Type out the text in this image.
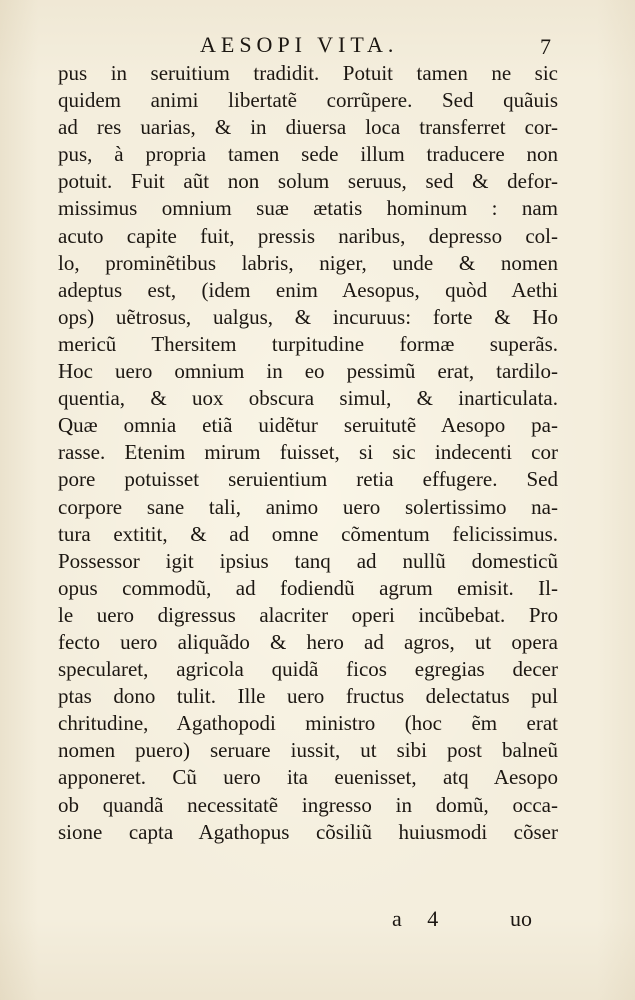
AESOPI VITA.	7
pus in seruitium tradidit. Potuit tamen ne sic
quidem animi libertatẽ corrũpere. Sed quãuis
ad res uarias, & in diuersa loca transferret cor-
pus, à propria tamen sede illum traducere non
potuit. Fuit aũt non solum seruus, sed & defor-
missimus omnium suæ ætatis hominum : nam
acuto capite fuit, pressis naribus, depresso col-
lo, prominẽtibus labris, niger, unde & nomen
adeptus est, (idem enim Aesopus, quòd Aethi
ops) uẽtrosus, ualgus, & incuruus: forte & Ho
mericũ Thersitem turpitudine formæ superãs.
Hoc uero omnium in eo pessimũ erat, tardilo-
quentia, & uox obscura simul, & inarticulata.
Quæ omnia etiã uidẽtur seruitutẽ Aesopo pa-
rasse. Etenim mirum fuisset, si sic indecenti cor
pore potuisset seruientium retia effugere. Sed
corpore sane tali, animo uero solertissimo na-
tura extitit, & ad omne cõmentum felicissimus.
Possessor igit ipsius tanq ad nullũ domesticũ
opus commodũ, ad fodiendũ agrum emisit. Il-
le uero digressus alacriter operi incũbebat. Pro
fecto uero aliquãdo & hero ad agros, ut opera
specularet, agricola quidã ficos egregias decer
ptas dono tulit. Ille uero fructus delectatus pul
chritudine, Agathopodi ministro (hoc ẽm erat
nomen puero) seruare iussit, ut sibi post balneũ
apponeret. Cũ uero ita euenisset, atq Aesopo
ob quandã necessitatẽ ingresso in domũ, occa-
sione capta Agathopus cõsiliũ huiusmodi cõser
a 4	uo
